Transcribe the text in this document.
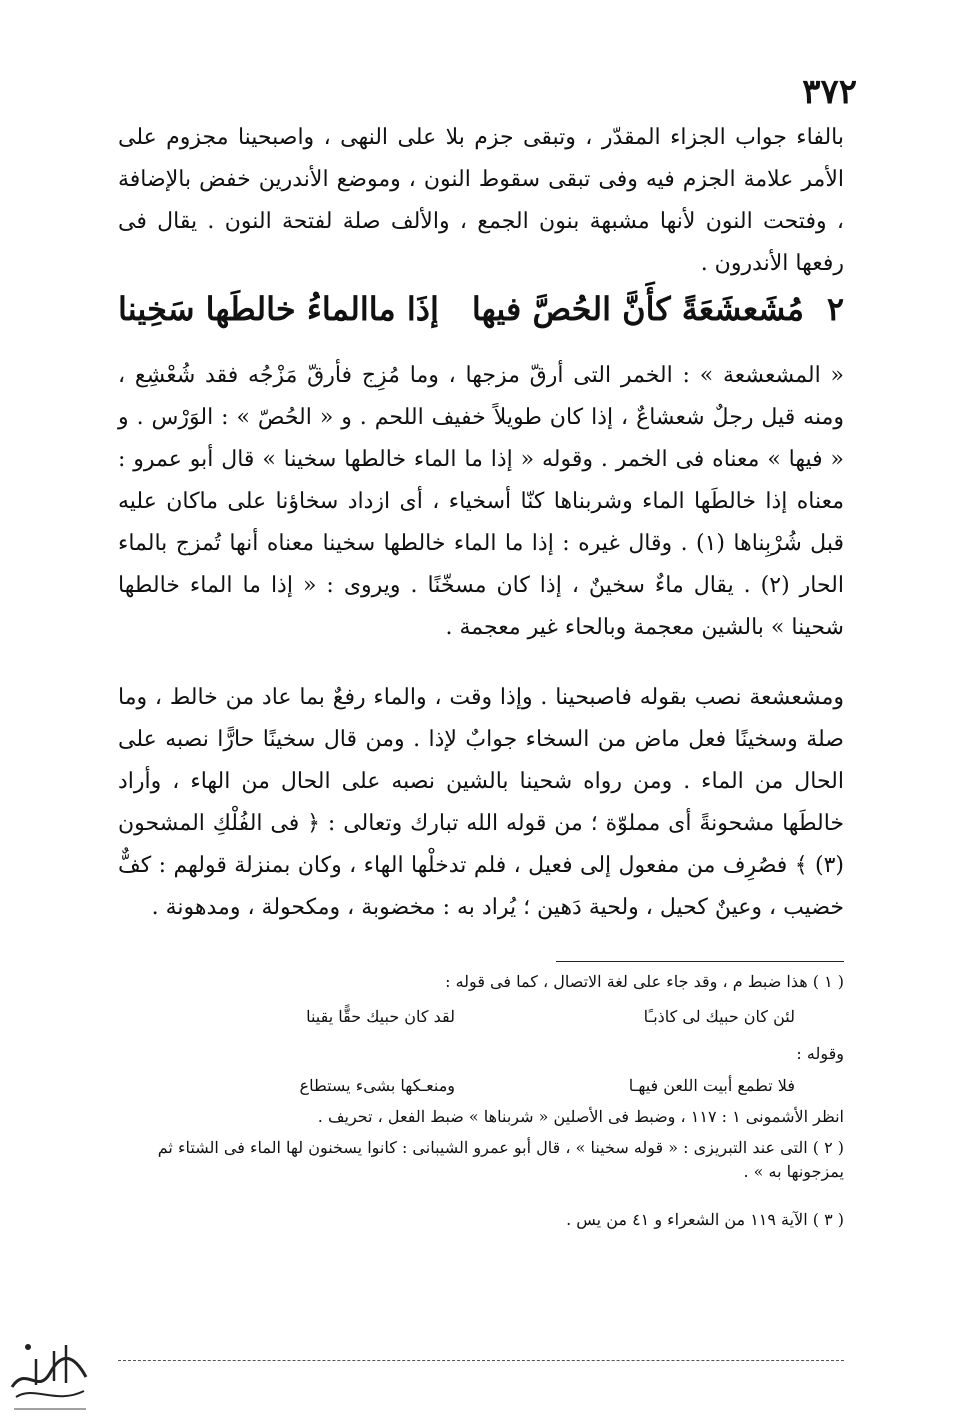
٣٧٢
بالفاء جواب الجزاء المقدّر ، وتبقى جزم بلا على النهى ، واصبحينا مجزوم على الأمر علامة الجزم فيه وفى تبقى سقوط النون ، وموضع الأندرين خفض بالإضافة ، وفتحت النون لأنها مشبهة بنون الجمع ، والألف صلة لفتحة النون . يقال فى رفعها الأندرون .
٢
مُشَعشَعَةً كأَنَّ الحُصَّ فيها
إذَا ماالماءُ خالطَها سَخِينا
« المشعشعة » : الخمر التى أرقّ مزجها ، وما مُزِج فأرقّ مَزْجُه فقد شُعْشِع ، ومنه قيل رجلٌ شعشاعٌ ، إذا كان طويلاً خفيف اللحم . و « الحُصّ » : الوَرْس . و « فيها » معناه فى الخمر . وقوله « إذا ما الماء خالطها سخينا » قال أبو عمرو : معناه إذا خالطَها الماء وشربناها كنّا أسخياء ، أى ازداد سخاؤنا على ماكان عليه قبل شُرْبِناها (١) . وقال غيره : إذا ما الماء خالطها سخينا معناه أنها تُمزج بالماء الحار (٢) . يقال ماءٌ سخينٌ ، إذا كان مسخّنًا . ويروى : « إذا ما الماء خالطها شحينا » بالشين معجمة وبالحاء غير معجمة .
ومشعشعة نصب بقوله فاصبحينا . وإذا وقت ، والماء رفعٌ بما عاد من خالط ، وما صلة وسخينًا فعل ماض من السخاء جوابٌ لإذا . ومن قال سخينًا حارًّا نصبه على الحال من الماء . ومن رواه شحينا بالشين نصبه على الحال من الهاء ، وأراد خالطَها مشحونةً أى مملوّة ؛ من قوله الله تبارك وتعالى : ﴿ فى الفُلْكِ المشحون (٣) ﴾ فصُرِف من مفعول إلى فعيل ، فلم تدخلْها الهاء ، وكان بمنزلة قولهم : كفٌّ خضيب ، وعينٌ كحيل ، ولحية دَهين ؛ يُراد به : مخضوبة ، ومكحولة ، ومدهونة .
( ١ ) هذا ضبط م ، وقد جاء على لغة الاتصال ، كما فى قوله :
لئن كان حبيك لى كاذبـًا
لقد كان حبيك حقًّا يقينا
وقوله :
فلا تطمع أبيت اللعن فيهـا
ومنعـكها بشىء يستطاع
انظر الأشمونى ١ : ١١٧ ، وضبط فى الأصلين « شربناها » ضبط الفعل ، تحريف .
( ٢ ) التى عند التبريزى : « قوله سخينا » ، قال أبو عمرو الشيبانى : كانوا يسخنون لها الماء فى الشتاء ثم يمزجونها به » .
( ٣ ) الآية ١١٩ من الشعراء و ٤١ من يس .
